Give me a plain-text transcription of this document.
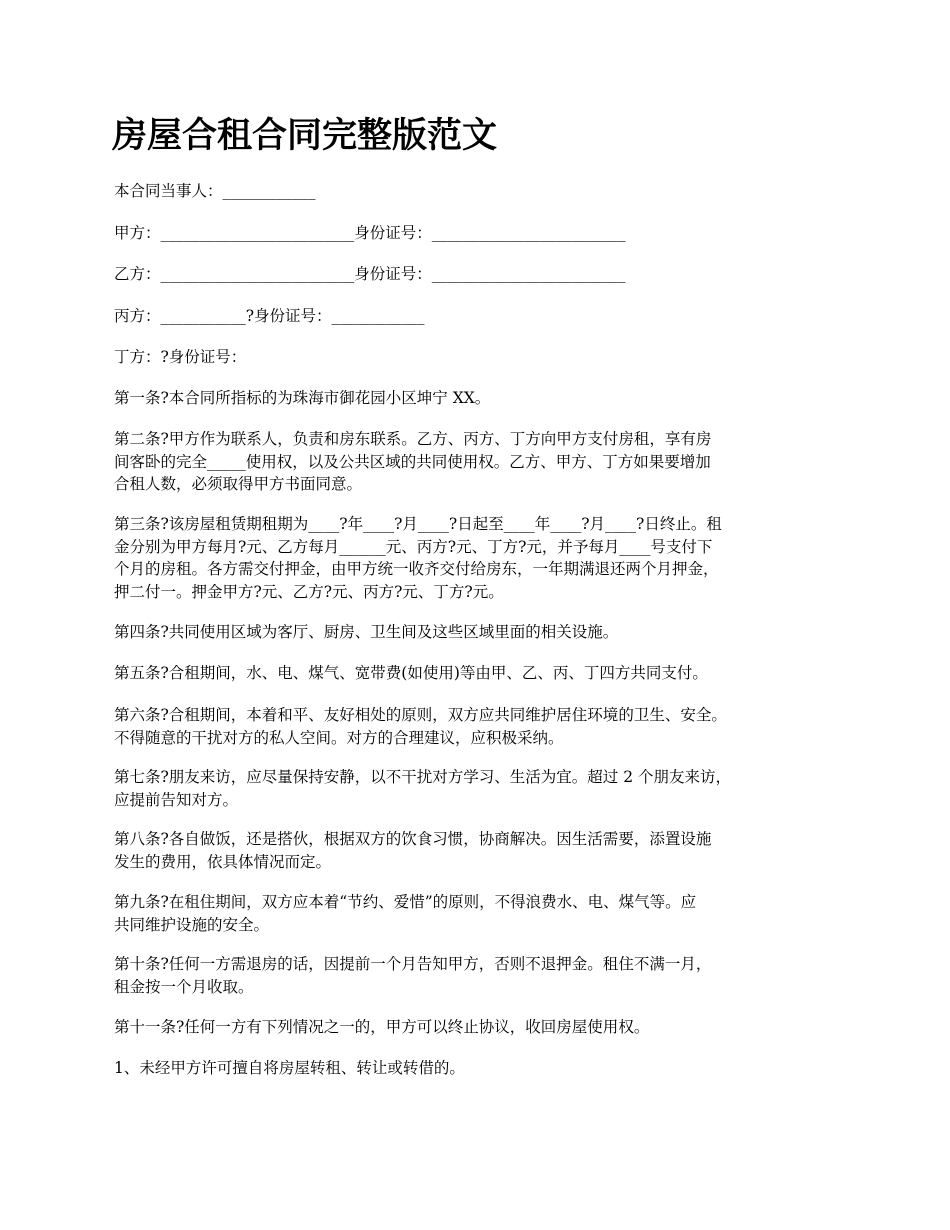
房屋合租合同完整版范文

本合同当事人：____________

甲方：_________________________身份证号：_________________________

乙方：_________________________身份证号：_________________________

丙方：___________?身份证号：____________

丁方：?身份证号：

第一条?本合同所指标的为珠海市御花园小区坤宁 XX。

第二条?甲方作为联系人，负责和房东联系。乙方、丙方、丁方向甲方支付房租，享有房
间客卧的完全_____使用权，以及公共区域的共同使用权。乙方、甲方、丁方如果要增加
合租人数，必须取得甲方书面同意。

第三条?该房屋租赁期租期为____?年____?月____?日起至____年____?月____?日终止。租
金分别为甲方每月?元、乙方每月______元、丙方?元、丁方?元，并予每月____号支付下
个月的房租。各方需交付押金，由甲方统一收齐交付给房东，一年期满退还两个月押金，
押二付一。押金甲方?元、乙方?元、丙方?元、丁方?元。

第四条?共同使用区域为客厅、厨房、卫生间及这些区域里面的相关设施。

第五条?合租期间，水、电、煤气、宽带费(如使用)等由甲、乙、丙、丁四方共同支付。

第六条?合租期间，本着和平、友好相处的原则，双方应共同维护居住环境的卫生、安全。
不得随意的干扰对方的私人空间。对方的合理建议，应积极采纳。

第七条?朋友来访，应尽量保持安静，以不干扰对方学习、生活为宜。超过 2 个朋友来访，
应提前告知对方。

第八条?各自做饭，还是搭伙，根据双方的饮食习惯，协商解决。因生活需要，添置设施
发生的费用，依具体情况而定。

第九条?在租住期间，双方应本着“节约、爱惜”的原则，不得浪费水、电、煤气等。应
共同维护设施的安全。

第十条?任何一方需退房的话，因提前一个月告知甲方，否则不退押金。租住不满一月，
租金按一个月收取。

第十一条?任何一方有下列情况之一的，甲方可以终止协议，收回房屋使用权。

1、未经甲方许可擅自将房屋转租、转让或转借的。
